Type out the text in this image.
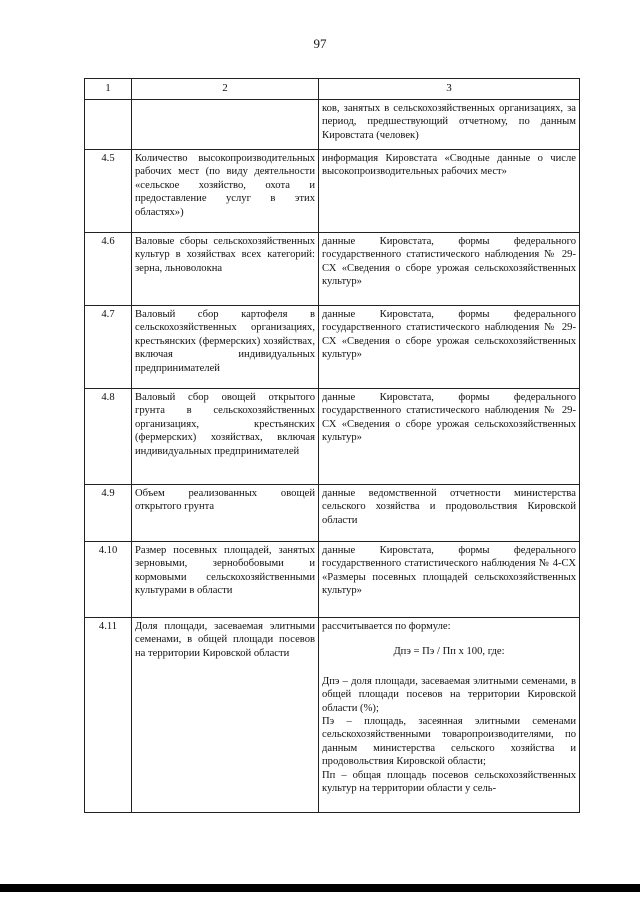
97
1	2	3
		ков, занятых в сельскохозяйственных организациях, за период, предшествующий отчетному, по данным Кировстата (человек)
4.5	Количество высокопроизводительных рабочих мест (по виду деятельности «сельское хозяйство, охота и предоставление услуг в этих областях»)	информация Кировстата «Сводные данные о числе высокопроизводительных рабочих мест»
4.6	Валовые сборы сельскохозяйственных культур в хозяйствах всех категорий: зерна, льноволокна	данные Кировстата, формы федерального государственного статистического наблюдения № 29-СХ «Сведения о сборе урожая сельскохозяйственных культур»
4.7	Валовый сбор картофеля в сельскохозяйственных организациях, крестьянских (фермерских) хозяйствах, включая индивидуальных предпринимателей	данные Кировстата, формы федерального государственного статистического наблюдения № 29-СХ «Сведения о сборе урожая сельскохозяйственных культур»
4.8	Валовый сбор овощей открытого грунта в сельскохозяйственных организациях, крестьянских (фермерских) хозяйствах, включая индивидуальных предпринимателей	данные Кировстата, формы федерального государственного статистического наблюдения № 29-СХ «Сведения о сборе урожая сельскохозяйственных культур»
4.9	Объем реализованных овощей открытого грунта	данные ведомственной отчетности министерства сельского хозяйства и продовольствия Кировской области
4.10	Размер посевных площадей, занятых зерновыми, зернобобовыми и кормовыми сельскохозяйственными культурами в области	данные Кировстата, формы федерального государственного статистического наблюдения № 4-СХ «Размеры посевных площадей сельскохозяйственных культур»
4.11	Доля площади, засеваемая элитными семенами, в общей площади посевов на территории Кировской области	рассчитывается по формуле:
Дпэ = Пэ / Пп х 100, где:
Дпэ – доля площади, засеваемая элитными семенами, в общей площади посевов на территории Кировской области (%);
Пэ – площадь, засеянная элитными семенами сельскохозяйственными товаропроизводителями, по данным министерства сельского хозяйства и продовольствия Кировской области;
Пп – общая площадь посевов сельскохозяйственных культур на территории области у сель-
